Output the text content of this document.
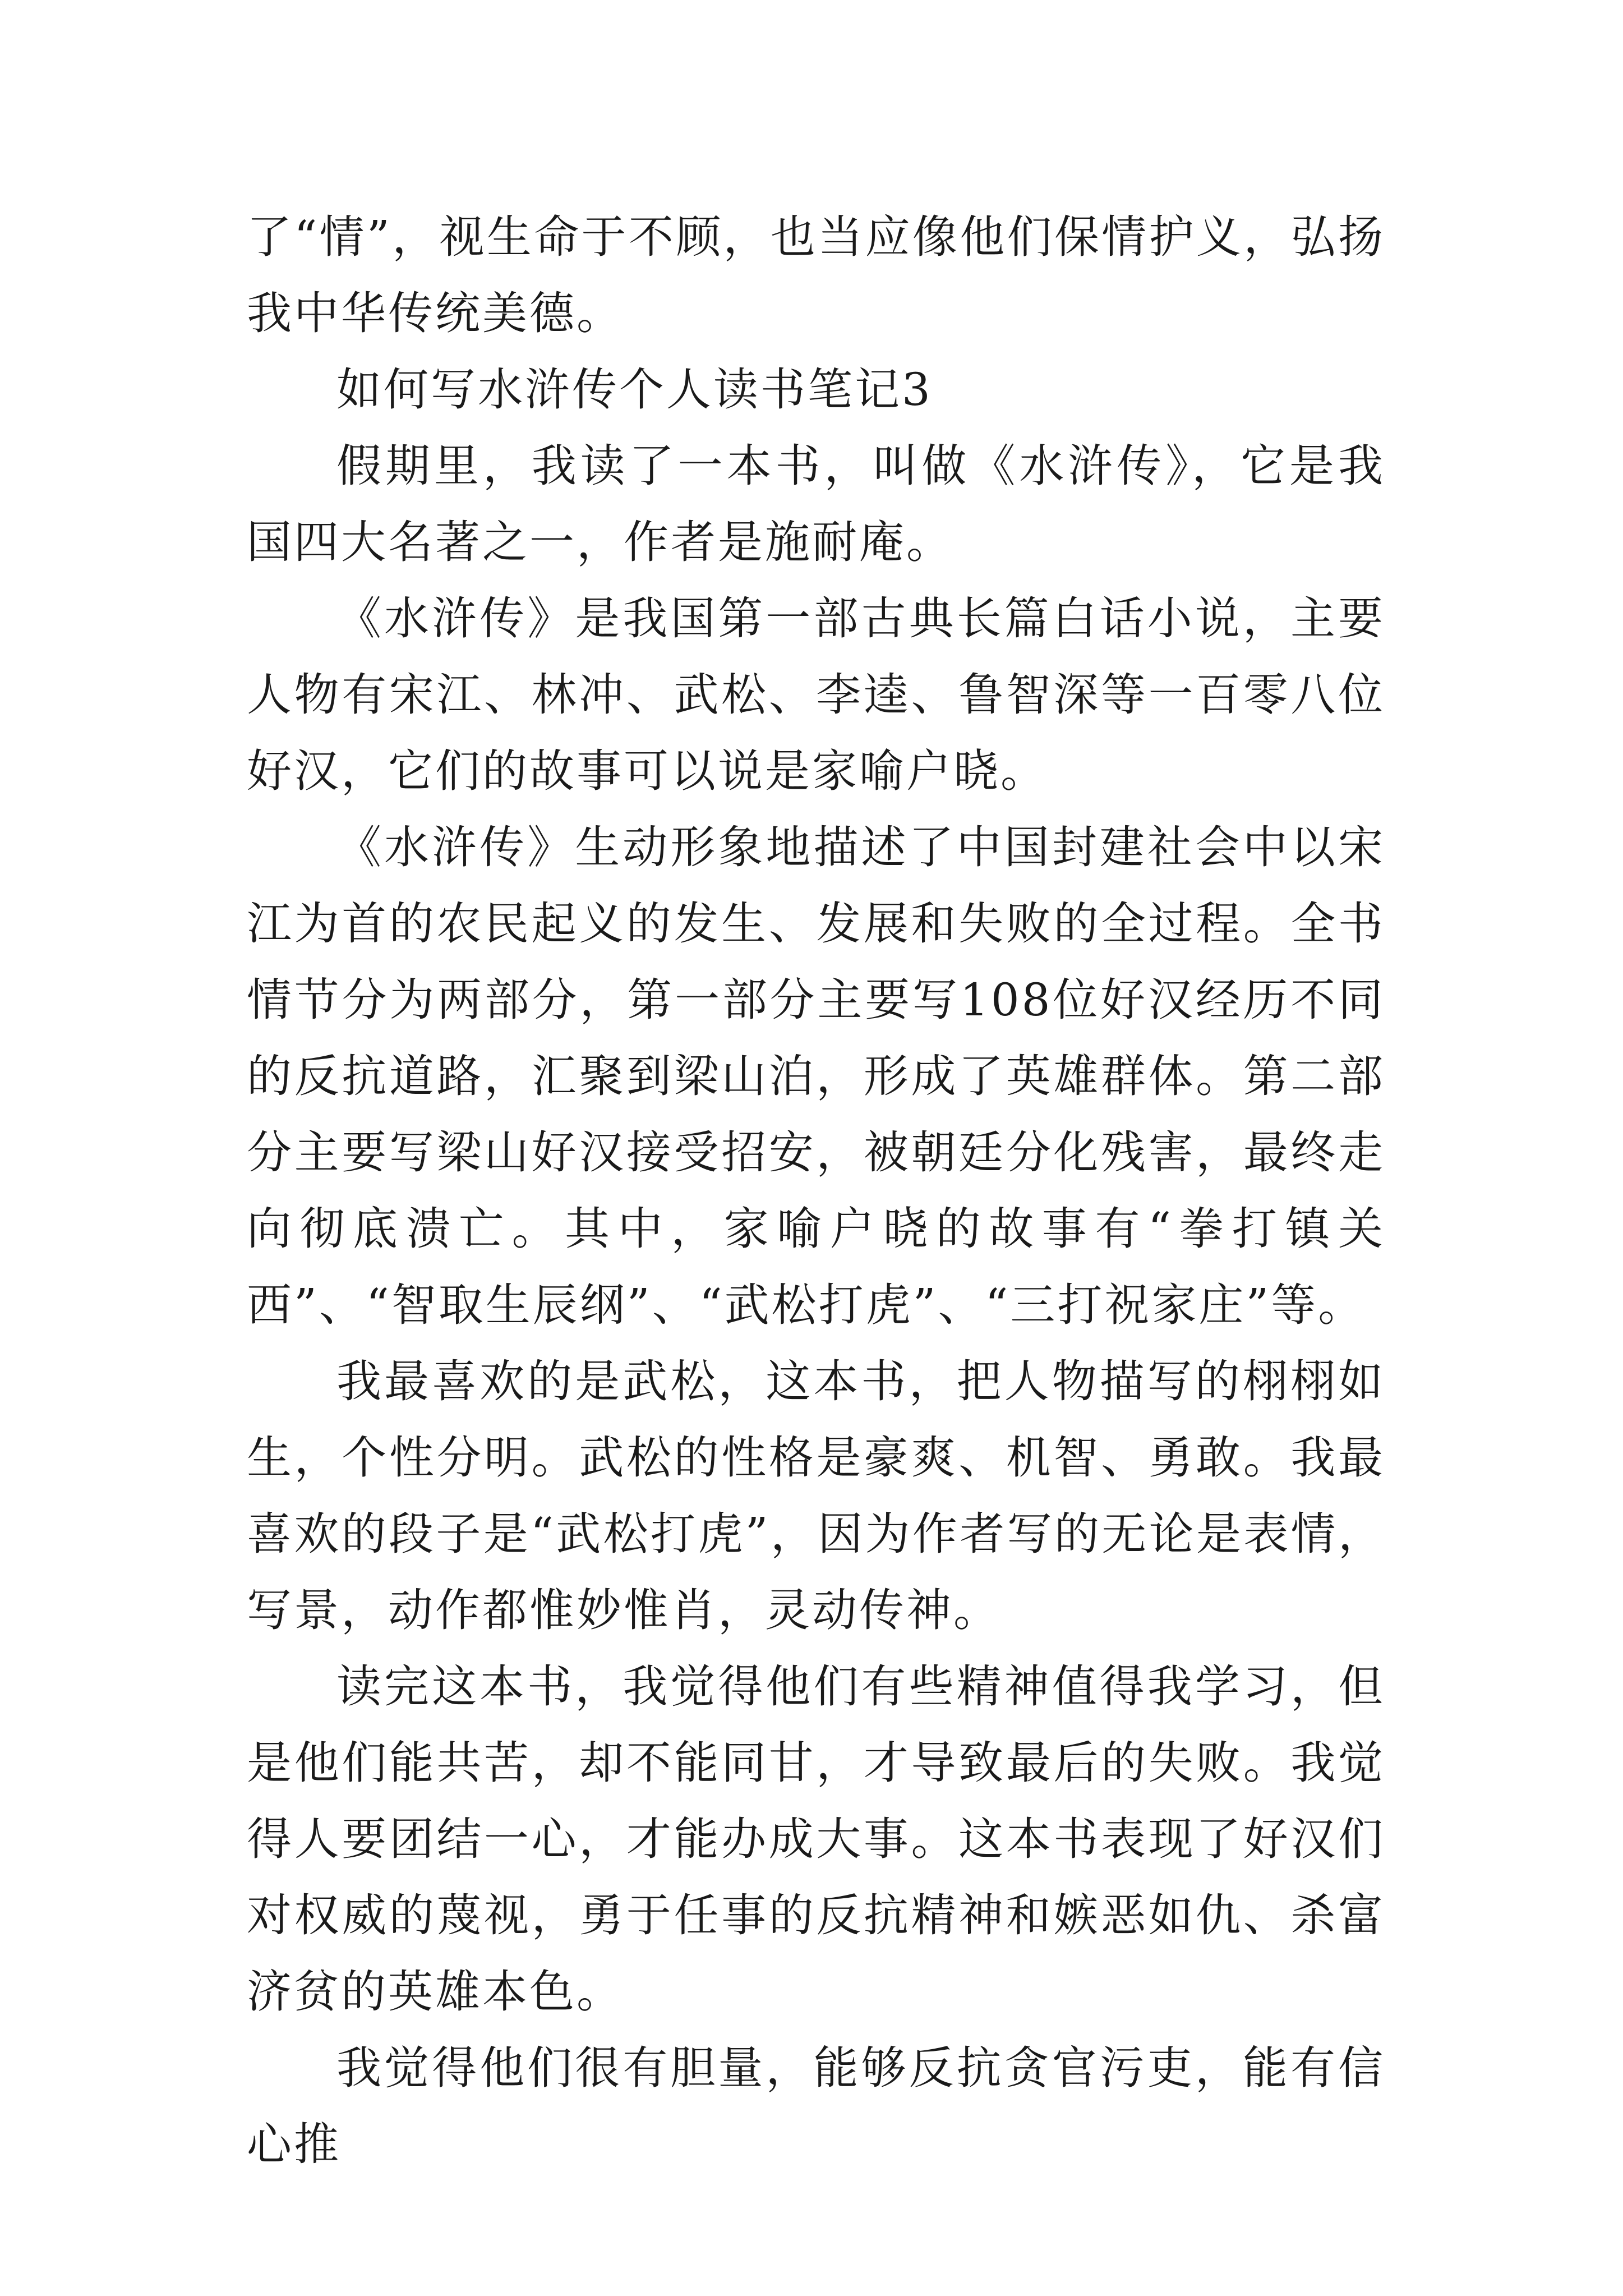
了“情”，视生命于不顾，也当应像他们保情护义，弘扬我中华传统美德。

如何写水浒传个人读书笔记3

假期里，我读了一本书，叫做《水浒传》，它是我国四大名著之一，作者是施耐庵。

《水浒传》是我国第一部古典长篇白话小说，主要人物有宋江、林冲、武松、李逵、鲁智深等一百零八位好汉，它们的故事可以说是家喻户晓。

《水浒传》生动形象地描述了中国封建社会中以宋江为首的农民起义的发生、发展和失败的全过程。全书情节分为两部分，第一部分主要写108位好汉经历不同的反抗道路，汇聚到梁山泊，形成了英雄群体。第二部分主要写梁山好汉接受招安，被朝廷分化残害，最终走向彻底溃亡。其中，家喻户晓的故事有“拳打镇关西”、“智取生辰纲”、“武松打虎”、“三打祝家庄”等。

我最喜欢的是武松，这本书，把人物描写的栩栩如生，个性分明。武松的性格是豪爽、机智、勇敢。我最喜欢的段子是“武松打虎”，因为作者写的无论是表情，写景，动作都惟妙惟肖，灵动传神。

读完这本书，我觉得他们有些精神值得我学习，但是他们能共苦，却不能同甘，才导致最后的失败。我觉得人要团结一心，才能办成大事。这本书表现了好汉们对权威的蔑视，勇于任事的反抗精神和嫉恶如仇、杀富济贫的英雄本色。

我觉得他们很有胆量，能够反抗贪官污吏，能有信心推
